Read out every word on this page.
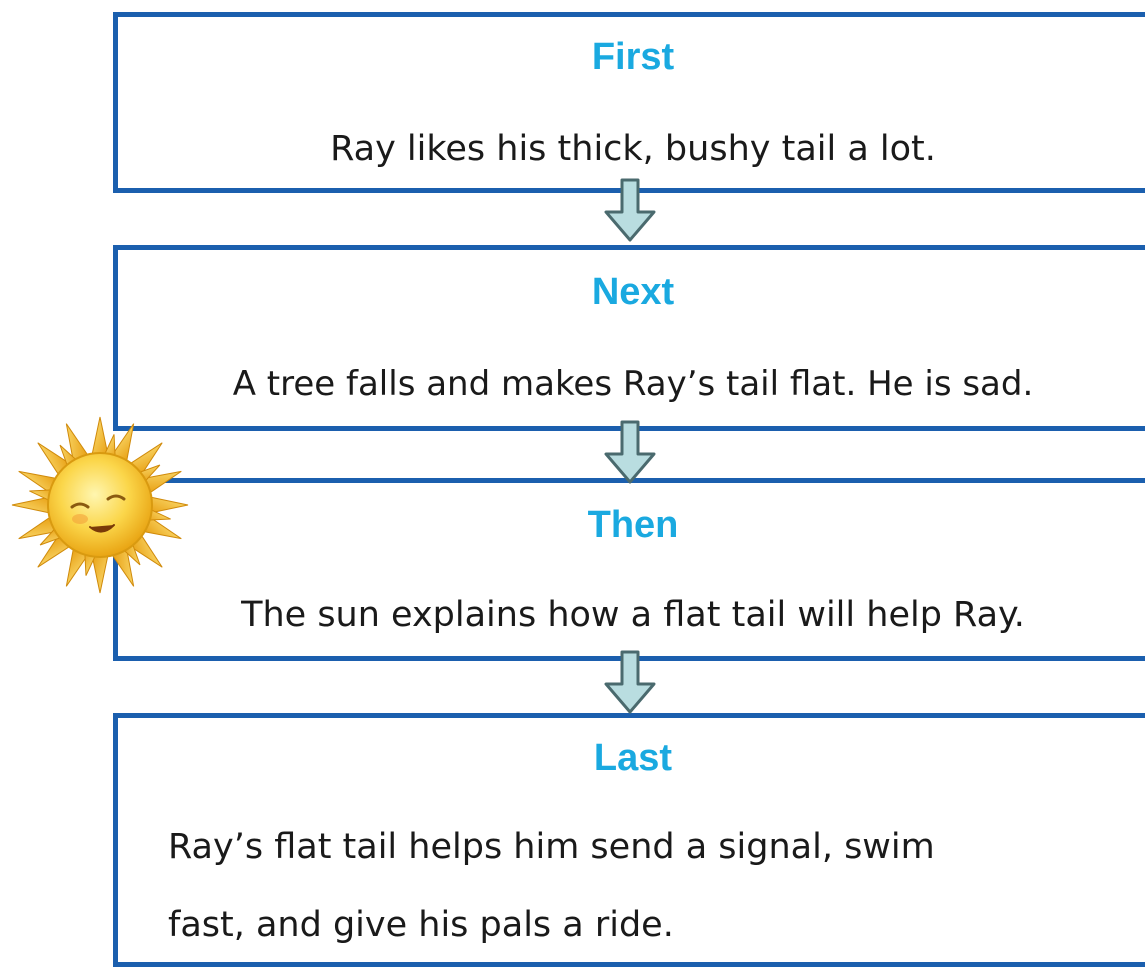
First
Ray likes his thick, bushy tail a lot.
Next
A tree falls and makes Ray’s tail flat. He is sad.
Then
The sun explains how a flat tail will help Ray.
Last
Ray’s flat tail helps him send a signal, swim
fast, and give his pals a ride.
